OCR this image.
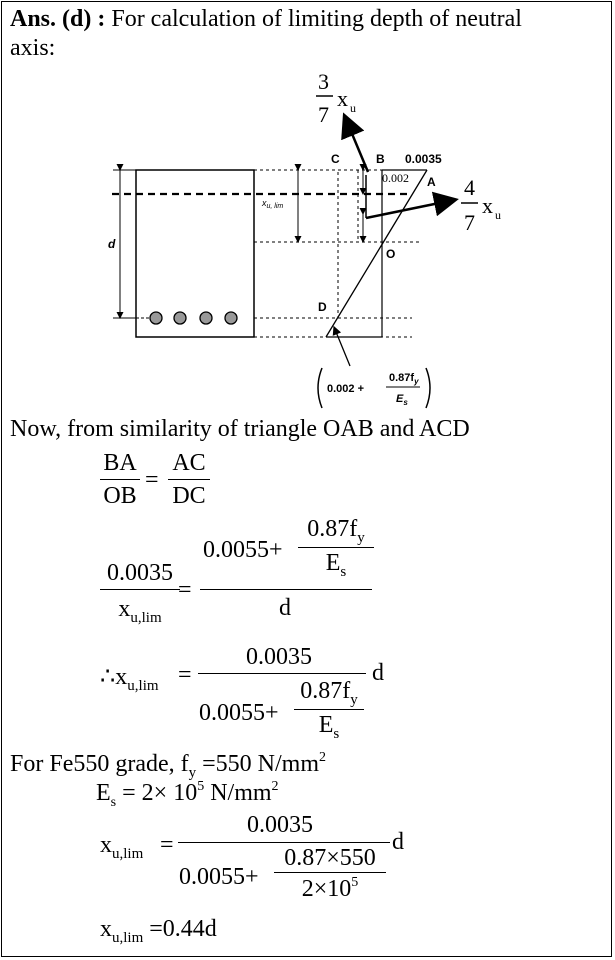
Ans. (d) : For calculation of limiting depth of neutral
axis:
d
$x_{u, lim}$
C	B 0.0035
0.002 A
O
D
3
7
x u
4
7
x u
0.002 +
$0.87f_y$
$E_s$
Now, from similarity of triangle OAB and ACD
BA
OB
=
AC
DC
0.0035
$x_{u,lim}$
=
0.0055+
$0.87f_y$
$E_s$
d
$\therefore x_{u,lim}$ =
0.0035
0.0055+
$0.87f_y$
$E_s$
d
For Fe550 grade, $f_y =550$ $N/mm^2$
$E_s = 2\times 10^5$ $N/mm^2$
$x_{u,lim}$ =
0.0035
0.0055+
0.87×550
$2\times 10^5$
d
$x_{u,lim} =0.44d$
